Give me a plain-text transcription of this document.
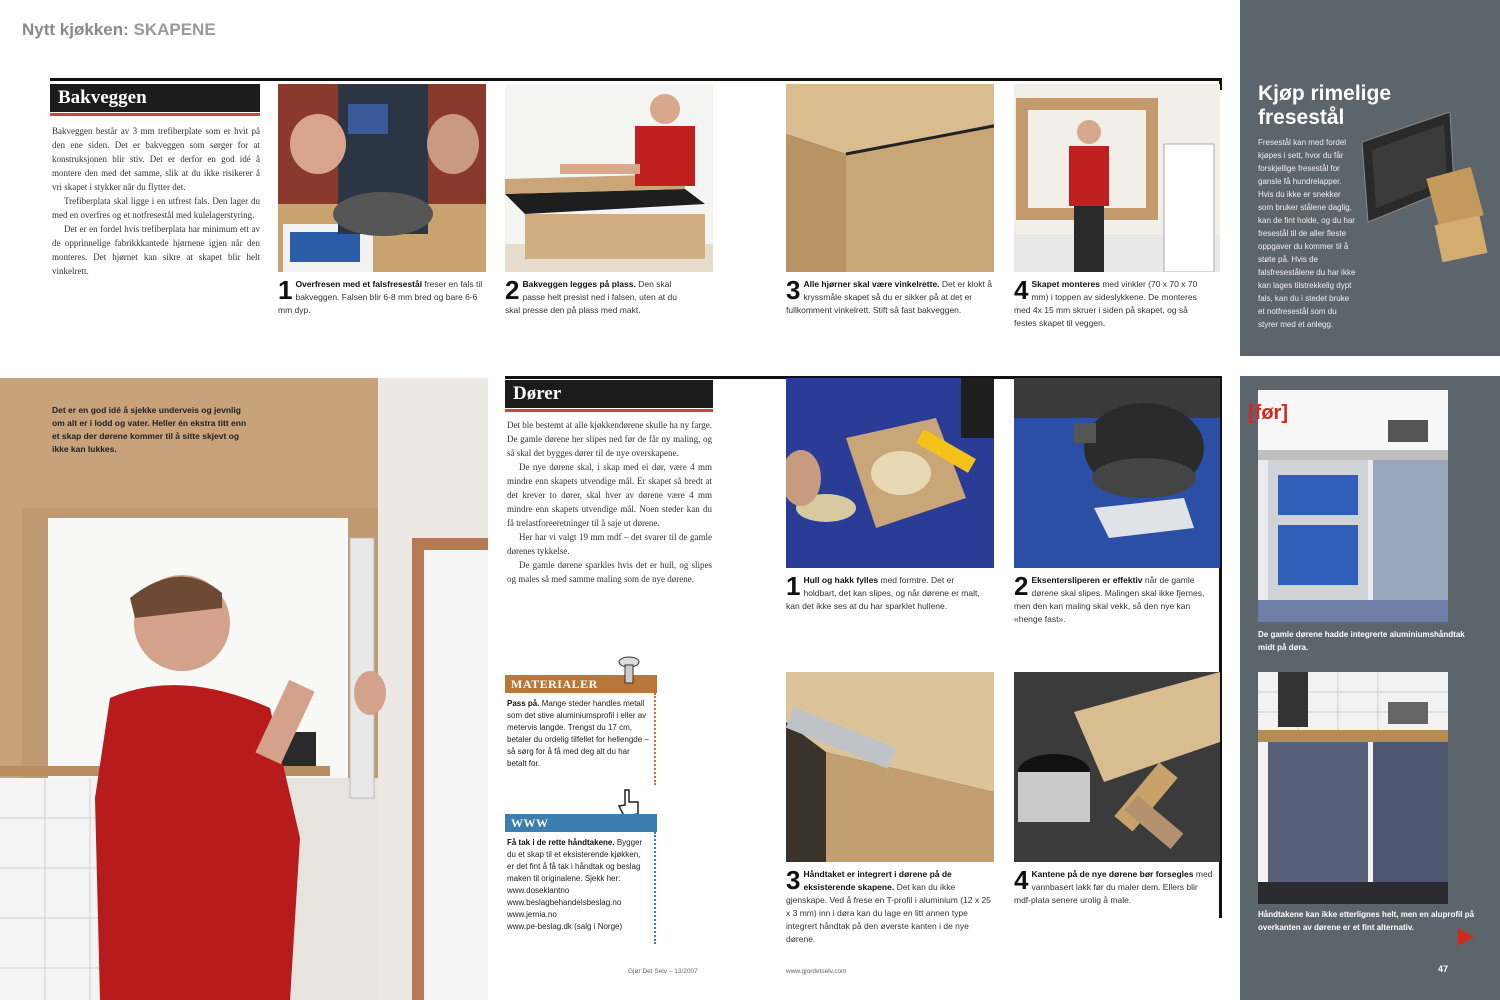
Nytt kjøkken: SKAPENE
Bakveggen

Bakveggen består av 3 mm trefiberplate som er hvit på den ene siden. Det er bakveggen som sørger for at konstruksjonen blir stiv. Det er derfor en god idé å montere den med det samme, slik at du ikke risikerer å vri skapet i stykker når du flytter det.

Trefiberplata skal ligge i en utfrest fals. Den lager du med en overfres og et notfresestål med kulelagerstyring.

Det er en fordel hvis trefiberplata har minimum ett av de opprinnelige fabrikkkantede hjørnene igjen når den monteres. Det hjørnet kan sikre at skapet blir helt vinkelrett.

1 Overfresen med et falsfresestål freser en fals til bakveggen. Falsen blir 6-8 mm bred og bare 6-6 mm dyp.
2 Bakveggen legges på plass. Den skal passe helt presist ned i falsen, uten at du skal presse den på plass med makt.
3 Alle hjørner skal være vinkelrette. Det er klokt å kryssmåle skapet så du er sikker på at det er fullkomment vinkelrett. Stift så fast bakveggen.
4 Skapet monteres med vinkler (70 x 70 x 70 mm) i toppen av sideslykkene. De monteres med 4x 15 mm skruer i siden på skapet, og så festes skapet til veggen.
Kjøp rimelige fresestål
Fresestål kan med fordel kjøpes i sett, hvor du får forskjellige fresestål for gansle få hundrelapper. Hvis du ikke er snekker som bruker stålene daglig, kan de fint holde, og du har fresestål til de aller fleste oppgaver du kommer til å støte på. Hvis de falsfresestålene du har ikke kan lages tilstrekkelig dypt fals, kan du i stedet bruke et notfresestål som du styrer med et anlegg.
Det er en god idé å sjekke underveis og jevnlig om alt er i lodd og vater. Heller én ekstra titt enn et skap der dørene kommer til å sitte skjevt og ikke kan lukkes.
Dører

Det ble bestemt at alle kjøkkendørene skulle ha ny farge. De gamle dørene her slipes ned før de får ny maling, og så skal det bygges dører til de nye overskapene.

De nye dørene skal, i skap med ei dør, være 4 mm mindre enn skapets utvendige mål. Er skapet så bredt at det krever to dører, skal hver av dørene være 4 mm mindre enn skapets utvendige mål. Noen steder kan du få trelastforeeretninger til å saje ut dørene.

Her har vi valgt 19 mm mdf – det svarer til de gamle dørenes tykkelse.

De gamle dørene sparkles hvis det er hull, og slipes og males så med samme maling som de nye dørene.

MATERIALER
Pass på. Mange steder handles metall som det stive aluminiumsprofil i eller av metervis langde. Trengst du 17 cm, betaler du ordelig tilfellet for hellengde – så sørg for å få med deg alt du har betalt for.
WWW
Få tak i de rette håndtakene. Bygger du et skap til et eksisterende kjøkken, er det fint å få tak i håndtak og beslag maken til originalene. Sjekk her:
www.doseklantno
www.beslagbehandelsbeslag.no
www.jernia.no
www.pe-beslag.dk (salg i Norge)
1 Hull og hakk fylles med formtre. Det er holdbart, det kan slipes, og når dørene er malt, kan det ikke ses at du har sparklet hullene.
2 Eksentersliperen er effektiv når de gamle dørene skal slipes. Malingen skal ikke fjernes, men den kan maling skal vekk, så den nye kan «henge fast».
3 Håndtaket er integrert i dørene på de eksisterende skapene. Det kan du ikke gjenskape. Ved å frese en T-profil i aluminium (12 x 25 x 3 mm) inn i døra kan du lage en litt annen type integrert håndtak på den øverste kanten i de nye dørene.
4 Kantene på de nye dørene bør forsegles med vannbasert lakk før du maler dem. Ellers blir mdf-plata senere urolig å male.
[før]
De gamle dørene hadde integrerte aluminiumshåndtak midt på døra.
Håndtakene kan ikke etterlignes helt, men en aluprofil på overkanten av dørene er et fint alternativ.
47
Gjør Det Selv – 13/2007	www.gjordetselv.com
